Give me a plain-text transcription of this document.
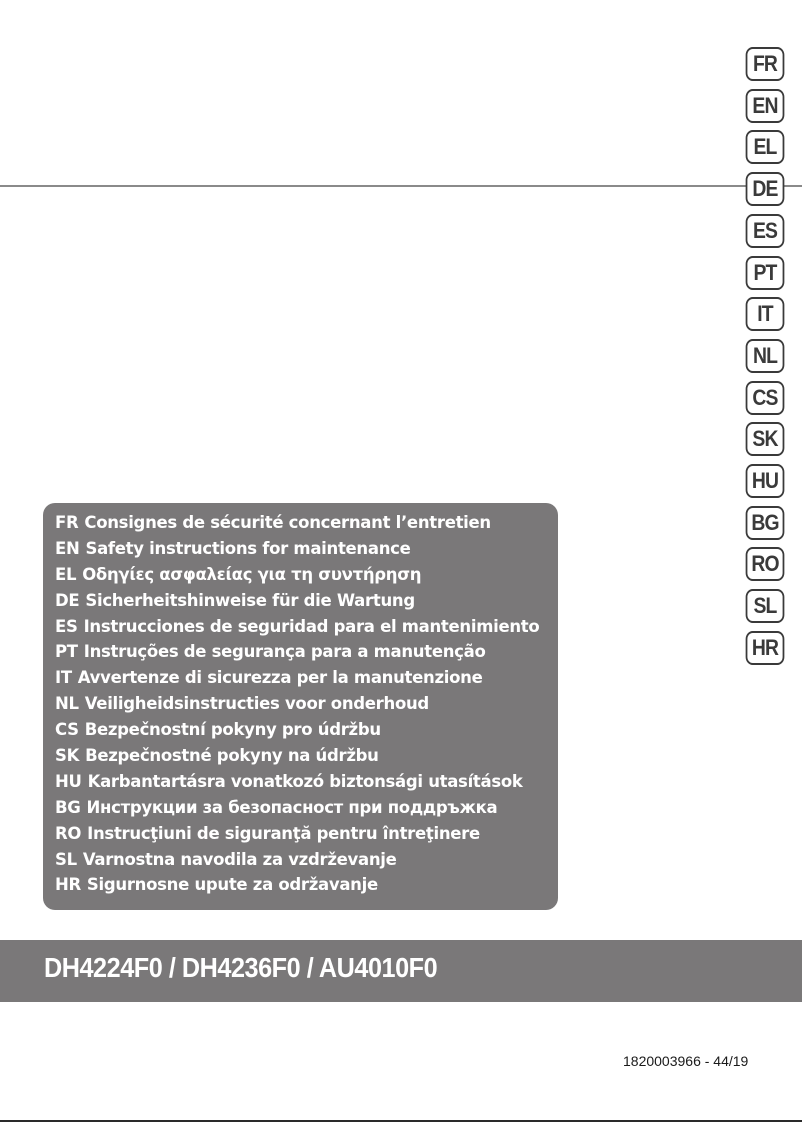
FR
EN
EL
DE
ES
PT
IT
NL
CS
SK
HU
BG
RO
SL
HR
FR Consignes de sécurité concernant l’entretien
EN Safety instructions for maintenance
EL Οδηγίες ασφαλείας για τη συντήρηση
DE Sicherheitshinweise für die Wartung
ES Instrucciones de seguridad para el mantenimiento
PT Instruções de segurança para a manutenção
IT Avvertenze di sicurezza per la manutenzione
NL Veiligheidsinstructies voor onderhoud
CS Bezpečnostní pokyny pro údržbu
SK Bezpečnostné pokyny na údržbu
HU Karbantartásra vonatkozó biztonsági utasítások
BG Инструкции за безопасност при поддръжка
RO Instrucţiuni de siguranţă pentru întreţinere
SL Varnostna navodila za vzdrževanje
HR Sigurnosne upute za održavanje
DH4224F0 / DH4236F0 / AU4010F0
1820003966 - 44/19
